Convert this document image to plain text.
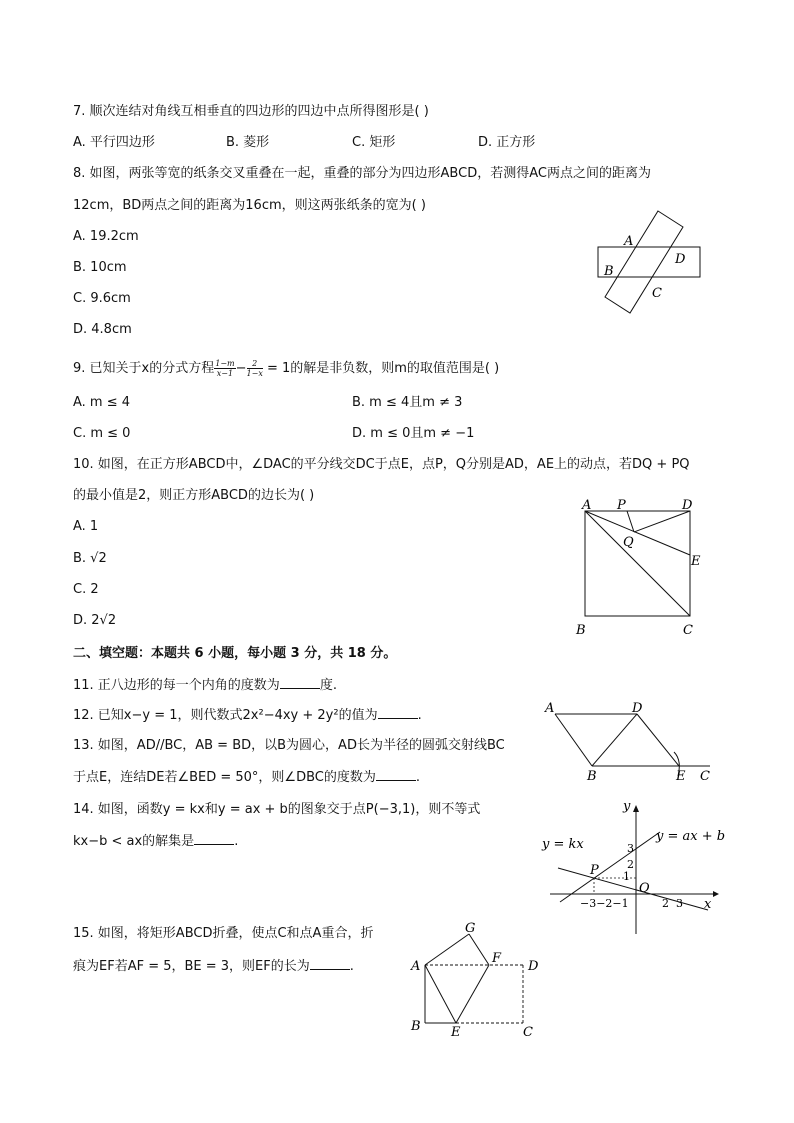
7. 顺次连结对角线互相垂直的四边形的四边中点所得图形是( )
A. 平行四边形	B. 菱形	C. 矩形	D. 正方形
8. 如图，两张等宽的纸条交叉重叠在一起，重叠的部分为四边形ABCD，若测得AC两点之间的距离为
12cm，BD两点之间的距离为16cm，则这两张纸条的宽为( )
A. 19.2cm
B. 10cm
C. 9.6cm
D. 4.8cm
A
B
C
D
9. 已知关于x的分式方程 $\frac{1-m}{x-1} - \frac{2}{1-x} = 1$的解是非负数，则m的取值范围是( )
A. m ≤ 4	B. m ≤ 4且m ≠ 3
C. m ≤ 0	D. m ≤ 0且m ≠ −1
10. 如图，在正方形ABCD中，∠DAC的平分线交DC于点E，点P，Q分别是AD，AE上的动点，若DQ + PQ
的最小值是2，则正方形ABCD的边长为( )
A. 1
B. √2
C. 2
D. 2√2
A P	D
Q
E
B	C
二、填空题：本题共 6 小题，每小题 3 分，共 18 分。
11. 正八边形的每一个内角的度数为	度.
12. 已知x−y = 1，则代数式2x²−4xy + 2y²的值为	.
13. 如图，AD//BC，AB = BD，以B为圆心，AD长为半径的圆弧交射线BC
于点E，连结DE若∠BED = 50°，则∠DBC的度数为	.
A	D
B	E C
14. 如图，函数y = kx和y = ax + b的图象交于点P(−3,1)，则不等式
kx−b < ax的解集是	.
y
x
O
y = kx
y = ax + b
P
3
2
1
−3−2−1	2 3
15. 如图，将矩形ABCD折叠，使点C和点A重合，折
痕为EF若AF = 5，BE = 3，则EF的长为	.
G
F
A	D
B E	C
